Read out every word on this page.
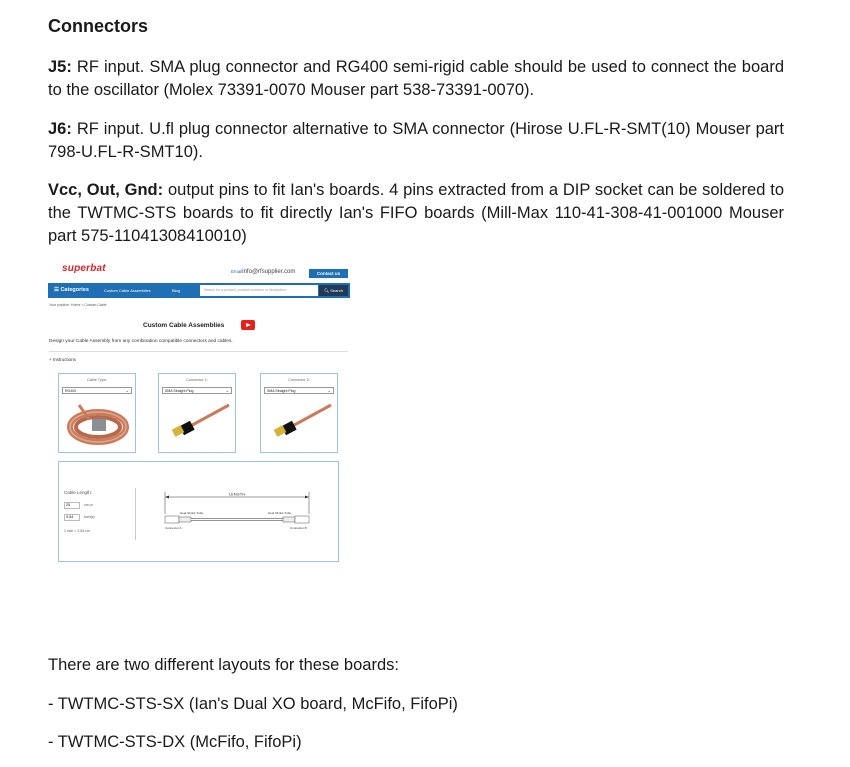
Connectors

J5: RF input. SMA plug connector and RG400 semi-rigid cable should be used to connect the board to the oscillator (Molex 73391-0070 Mouser part 538-73391-0070).

J6: RF input. U.fl plug connector alternative to SMA connector (Hirose U.FL-R-SMT(10) Mouser part 798-U.FL-R-SMT10).

Vcc, Out, Gnd: output pins to fit Ian's boards. 4 pins extracted from a DIP socket can be soldered to the TWTMC-STS boards to fit directly Ian's FIFO boards (Mill-Max 110-41-308-41-001000 Mouser part 575-11041308410010)

superbat	Emailinfo@rfsupplier.com	Contact us
☰ Categories	Custom Cable Assemblies	Blog	Search for a product, product numbers or description	🔍︎ Search
Your position: Home > Custom Cable
Custom Cable Assemblies
Design your Cable Assembly from any combination compatible connectors and cables.
+ Instructions
Cable Type:
RG400	⌄
Connector 1:
SMA Straight Plug	⌄
Connector 2:
SMA Straight Plug	⌄
Cable Length:
25	cm or
9.84	Inch(s)
1 inch = 2.54 cm
LENGTH
Heat Shrink Tube	Heat Shrink Tube
Connector A	Connector B

There are two different layouts for these boards:

- TWTMC-STS-SX (Ian's Dual XO board, McFifo, FifoPi)

- TWTMC-STS-DX (McFifo, FifoPi)
